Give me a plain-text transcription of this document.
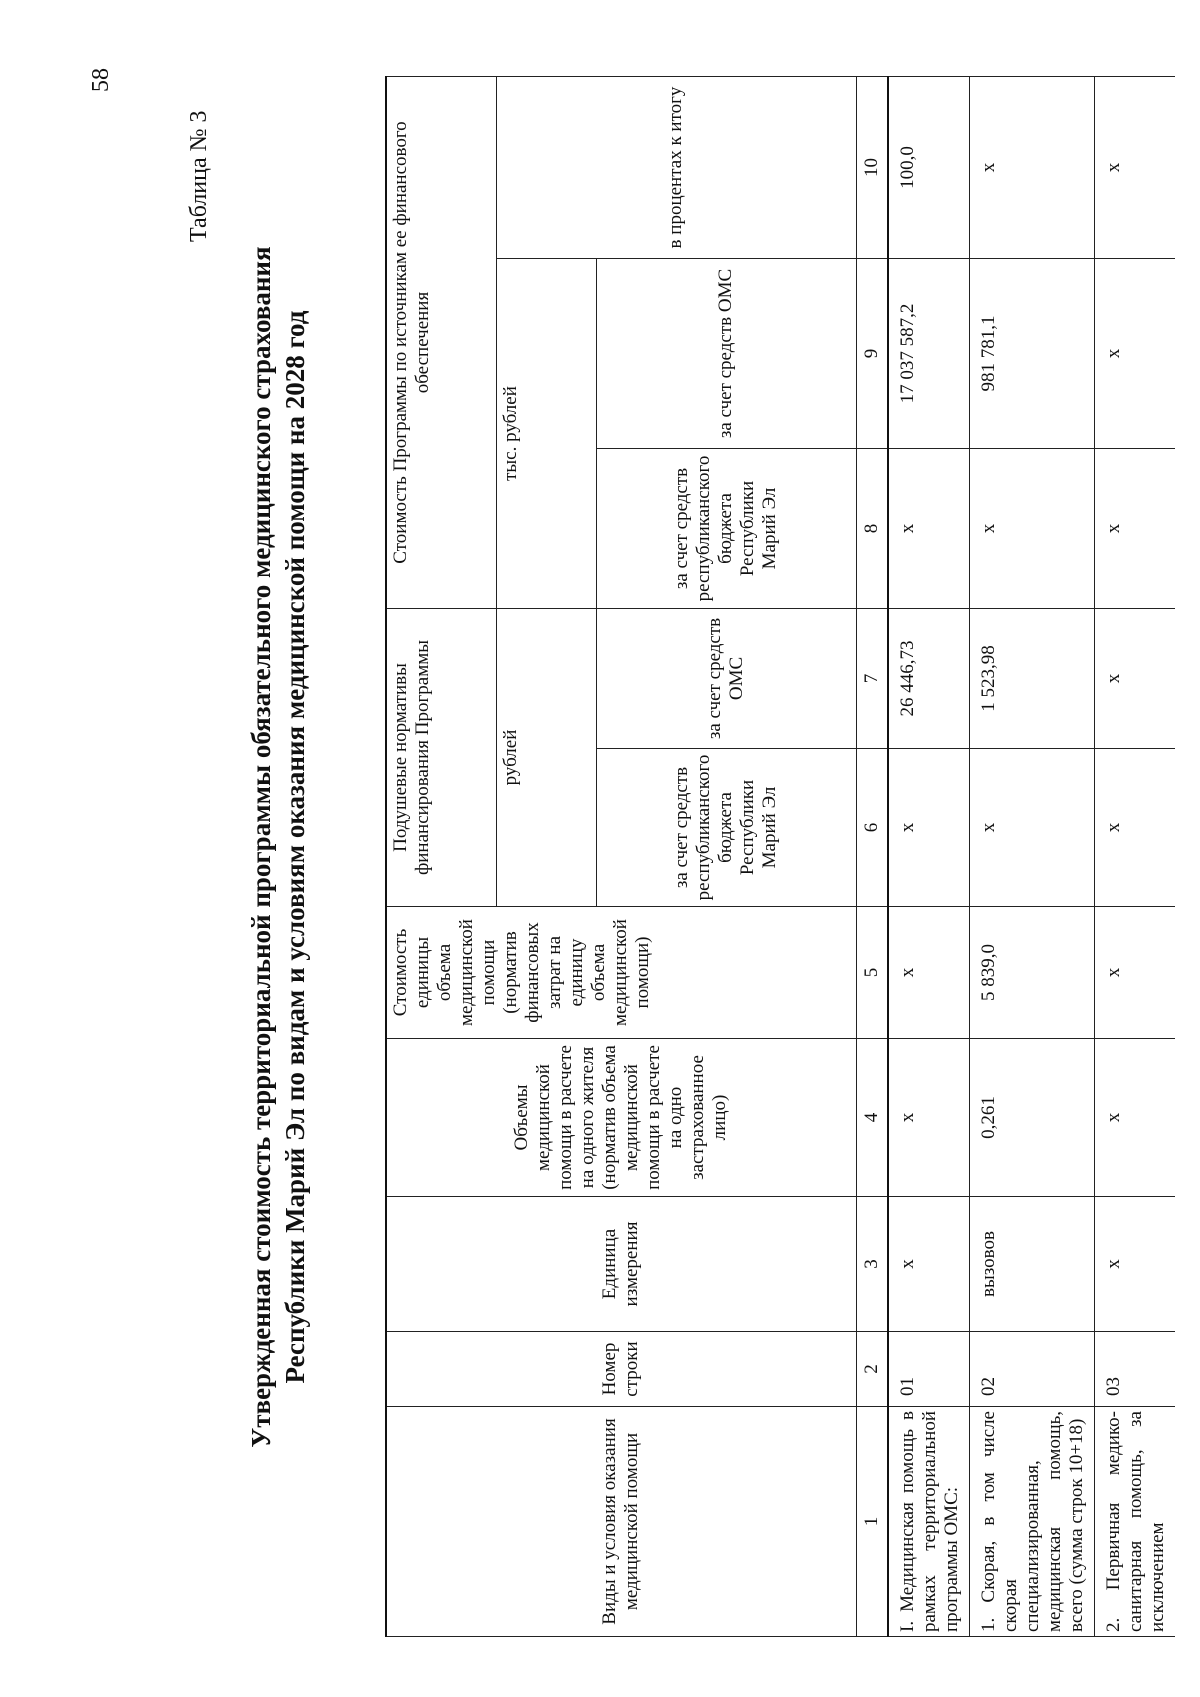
58
Таблица № 3
Утвержденная стоимость территориальной программы обязательного медицинского страхования Республики Марий Эл по видам и условиям оказания медицинской помощи на 2028 год
Виды и условия оказания медицинской помощи	Номер строки	Единица измерения	Объемы медицинской помощи в расчете на одного жителя (норматив объема медицинской помощи в расчете на одно застрахованное лицо)	Стоимость единицы объема медицинской помощи (норматив финансовых затрат на единицу объема медицинской помощи)	Подушевые нормативы финансирования Программы		Стоимость Программы по источникам ее финансового обеспечения		
					рублей		тыс. рублей		в процентах к итогу
					за счет средств республиканского бюджета Республики Марий Эл	за счет средств ОМС	за счет средств республиканского бюджета Республики Марий Эл	за счет средств ОМС	

1	2	3	4	5	6	7	8	9	10
I. Медицинская помощь в рамках территориальной программы ОМС:	01	x	x	x	x	26 446,73	x	17 037 587,2	100,0
1. Скорая, в том числе скорая специализированная, медицинская помощь, всего (сумма строк 10+18)	02	вызовов	0,261	5 839,0	x	1 523,98	x	981 781,1	x
2. Первичная медико-санитарная помощь, за исключением	03	x	x	x	x	x	x	x	x
